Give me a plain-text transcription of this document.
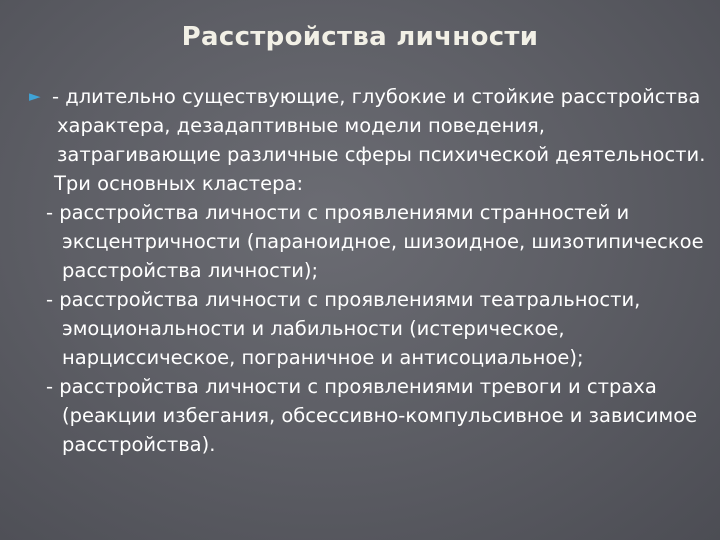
Расстройства личности
► - длительно существующие, глубокие и стойкие расстройства характера, дезадаптивные модели поведения, затрагивающие различные сферы психической деятельности.
Три основных кластера:
- расстройства личности с проявлениями странностей и эксцентричности (параноидное, шизоидное, шизотипическое расстройства личности);
- расстройства личности с проявлениями театральности, эмоциональности и лабильности (истерическое, нарциссическое, пограничное и антисоциальное);
- расстройства личности с проявлениями тревоги и страха (реакции избегания, обсессивно-компульсивное и зависимое расстройства).
